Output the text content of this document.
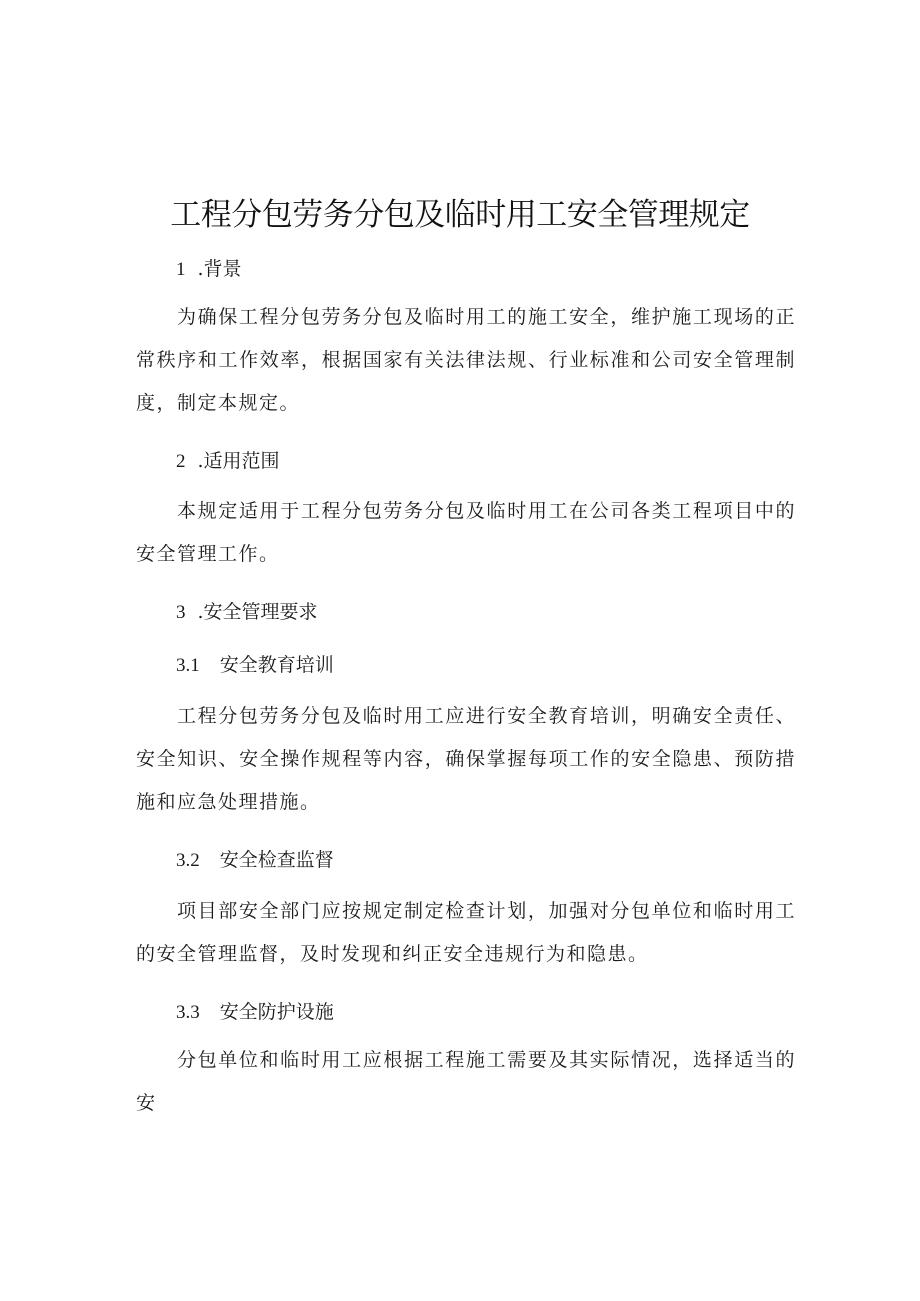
工程分包劳务分包及临时用工安全管理规定
1 .背景

为确保工程分包劳务分包及临时用工的施工安全，维护施工现场的正常秩序和工作效率，根据国家有关法律法规、行业标准和公司安全管理制度，制定本规定。

2 .适用范围

本规定适用于工程分包劳务分包及临时用工在公司各类工程项目中的安全管理工作。

3 .安全管理要求
3.1 安全教育培训

工程分包劳务分包及临时用工应进行安全教育培训，明确安全责任、安全知识、安全操作规程等内容，确保掌握每项工作的安全隐患、预防措施和应急处理措施。

3.2 安全检查监督

项目部安全部门应按规定制定检查计划，加强对分包单位和临时用工的安全管理监督，及时发现和纠正安全违规行为和隐患。

3.3 安全防护设施

分包单位和临时用工应根据工程施工需要及其实际情况，选择适当的安
